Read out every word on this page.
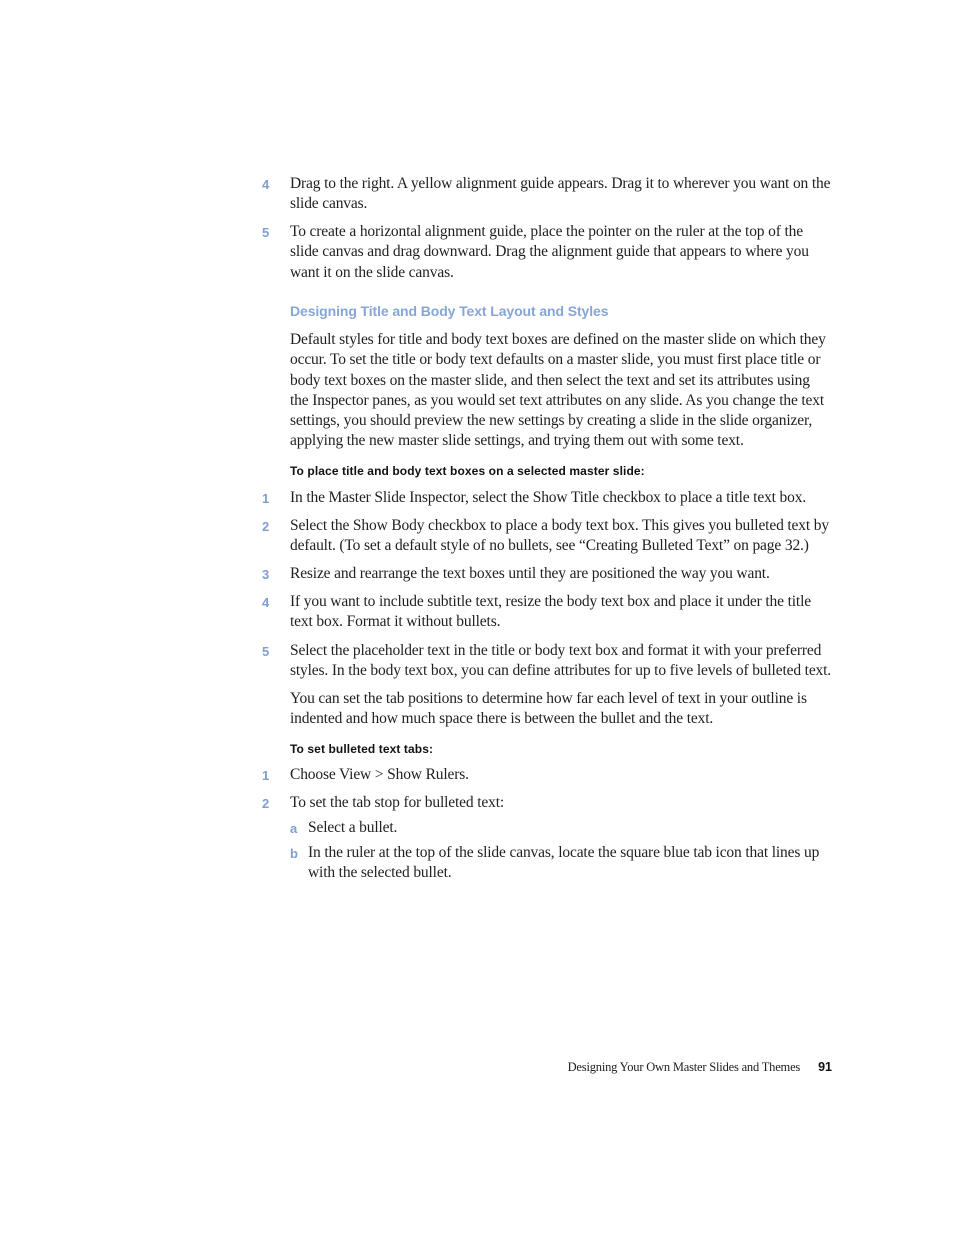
4 Drag to the right. A yellow alignment guide appears. Drag it to wherever you want on the slide canvas.
5 To create a horizontal alignment guide, place the pointer on the ruler at the top of the slide canvas and drag downward. Drag the alignment guide that appears to where you want it on the slide canvas.
Designing Title and Body Text Layout and Styles
Default styles for title and body text boxes are defined on the master slide on which they occur. To set the title or body text defaults on a master slide, you must first place title or body text boxes on the master slide, and then select the text and set its attributes using the Inspector panes, as you would set text attributes on any slide. As you change the text settings, you should preview the new settings by creating a slide in the slide organizer, applying the new master slide settings, and trying them out with some text.
To place title and body text boxes on a selected master slide:
1 In the Master Slide Inspector, select the Show Title checkbox to place a title text box.
2 Select the Show Body checkbox to place a body text box. This gives you bulleted text by default. (To set a default style of no bullets, see “Creating Bulleted Text” on page 32.)
3 Resize and rearrange the text boxes until they are positioned the way you want.
4 If you want to include subtitle text, resize the body text box and place it under the title text box. Format it without bullets.
5 Select the placeholder text in the title or body text box and format it with your preferred styles. In the body text box, you can define attributes for up to five levels of bulleted text.
You can set the tab positions to determine how far each level of text in your outline is indented and how much space there is between the bullet and the text.
To set bulleted text tabs:
1 Choose View > Show Rulers.
2 To set the tab stop for bulleted text:
a Select a bullet.
b In the ruler at the top of the slide canvas, locate the square blue tab icon that lines up with the selected bullet.
Designing Your Own Master Slides and Themes 91
